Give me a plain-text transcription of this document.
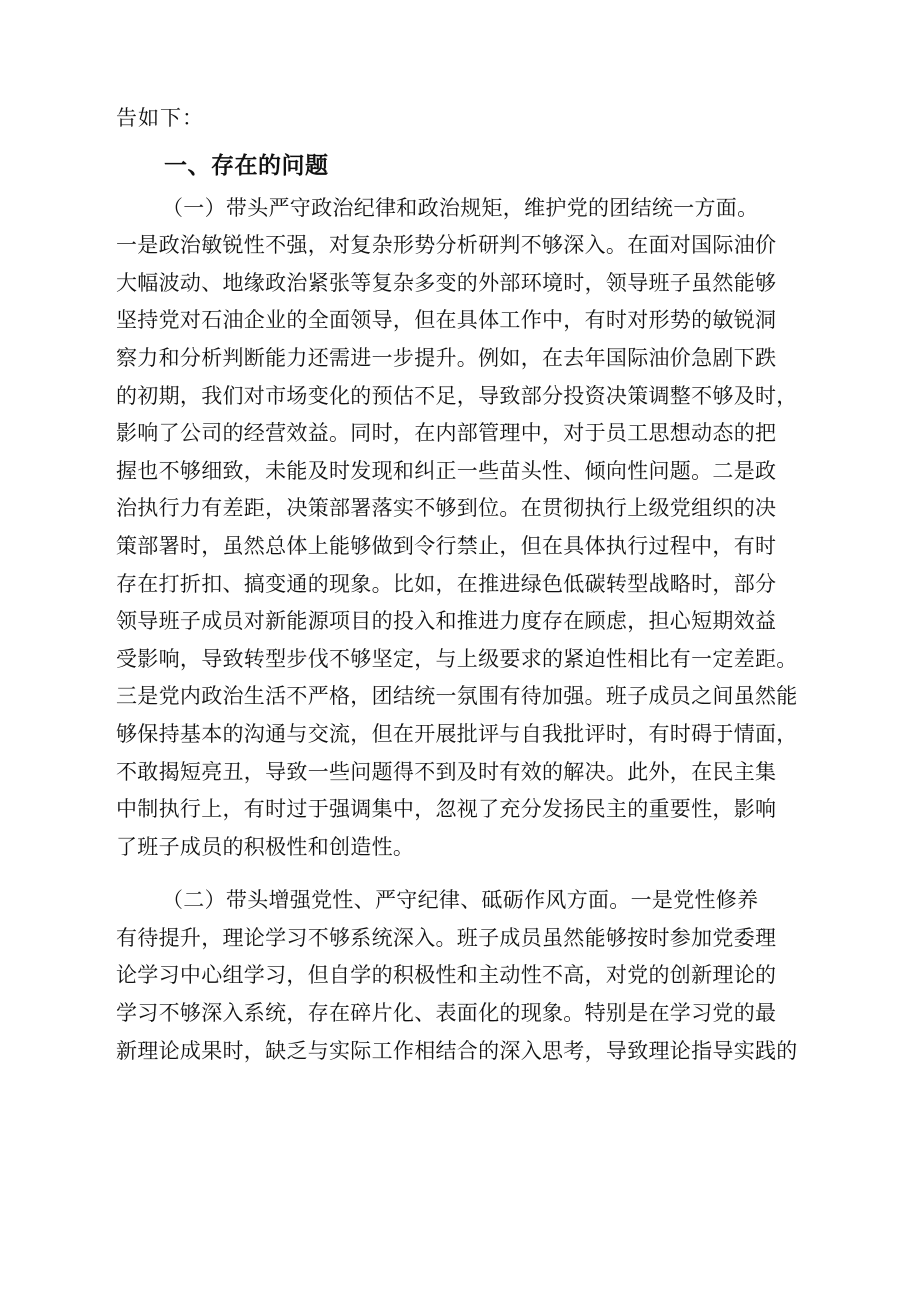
告如下：
一、存在的问题
（一）带头严守政治纪律和政治规矩，维护党的团结统一方面。
一是政治敏锐性不强，对复杂形势分析研判不够深入。在面对国际油价
大幅波动、地缘政治紧张等复杂多变的外部环境时，领导班子虽然能够
坚持党对石油企业的全面领导，但在具体工作中，有时对形势的敏锐洞
察力和分析判断能力还需进一步提升。例如，在去年国际油价急剧下跌
的初期，我们对市场变化的预估不足，导致部分投资决策调整不够及时，
影响了公司的经营效益。同时，在内部管理中，对于员工思想动态的把
握也不够细致，未能及时发现和纠正一些苗头性、倾向性问题。二是政
治执行力有差距，决策部署落实不够到位。在贯彻执行上级党组织的决
策部署时，虽然总体上能够做到令行禁止，但在具体执行过程中，有时
存在打折扣、搞变通的现象。比如，在推进绿色低碳转型战略时，部分
领导班子成员对新能源项目的投入和推进力度存在顾虑，担心短期效益
受影响，导致转型步伐不够坚定，与上级要求的紧迫性相比有一定差距。
三是党内政治生活不严格，团结统一氛围有待加强。班子成员之间虽然能
够保持基本的沟通与交流，但在开展批评与自我批评时，有时碍于情面，
不敢揭短亮丑，导致一些问题得不到及时有效的解决。此外，在民主集
中制执行上，有时过于强调集中，忽视了充分发扬民主的重要性，影响
了班子成员的积极性和创造性。
（二）带头增强党性、严守纪律、砥砺作风方面。一是党性修养
有待提升，理论学习不够系统深入。班子成员虽然能够按时参加党委理
论学习中心组学习，但自学的积极性和主动性不高，对党的创新理论的
学习不够深入系统，存在碎片化、表面化的现象。特别是在学习党的最
新理论成果时，缺乏与实际工作相结合的深入思考，导致理论指导实践的
